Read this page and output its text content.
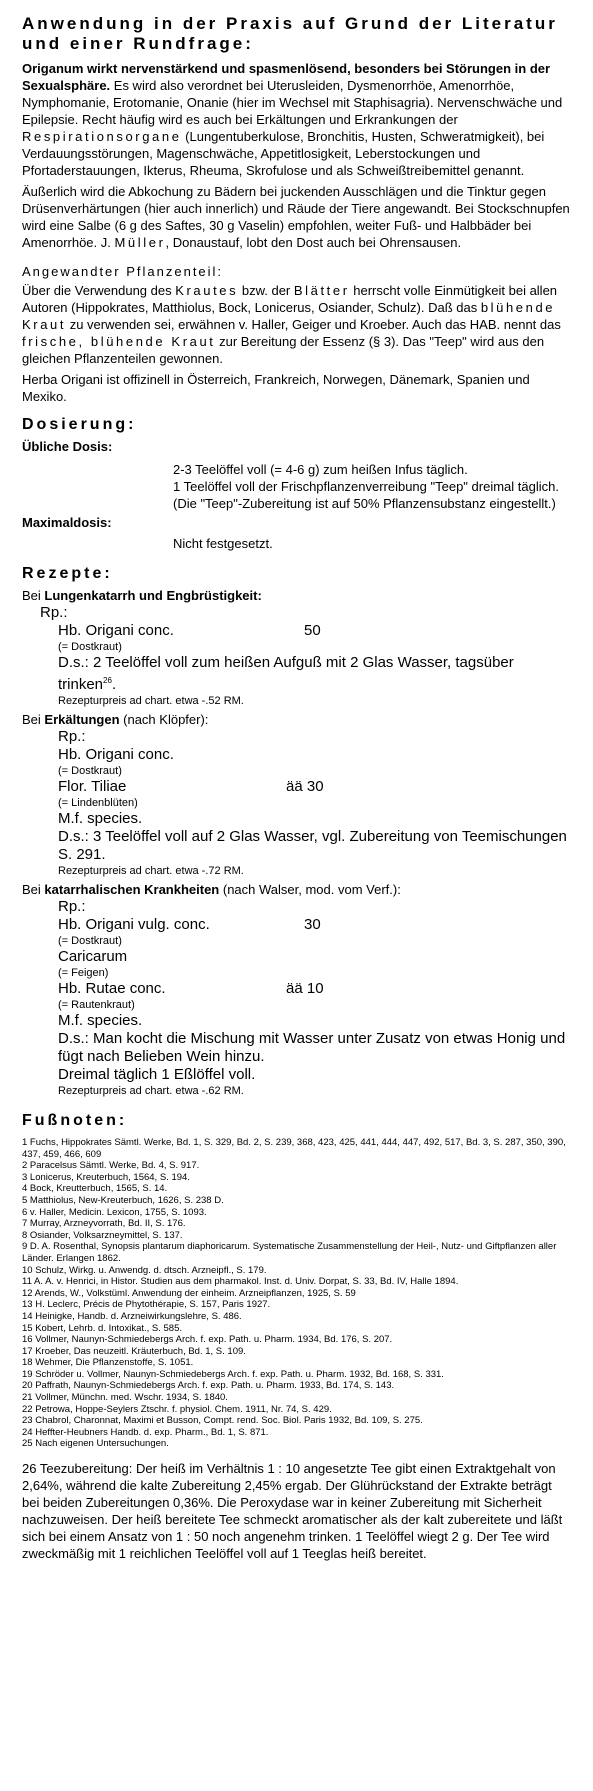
Anwendung in der Praxis auf Grund der Literatur und einer Rundfrage:

Origanum wirkt nervenstärkend und spasmenlösend, besonders bei Störungen in der Sexualsphäre. Es wird also verordnet bei Uterusleiden, Dysmenorrhöe, Amenorrhöe, Nymphomanie, Erotomanie, Onanie (hier im Wechsel mit Staphisagria). Nervenschwäche und Epilepsie. Recht häufig wird es auch bei Erkältungen und Erkrankungen der Respirationsorgane (Lungentuberkulose, Bronchitis, Husten, Schweratmigkeit), bei Verdauungsstörungen, Magenschwäche, Appetitlosigkeit, Leberstockungen und Pfortaderstauungen, Ikterus, Rheuma, Skrofulose und als Schweißtreibemittel genannt.

Äußerlich wird die Abkochung zu Bädern bei juckenden Ausschlägen und die Tinktur gegen Drüsenverhärtungen (hier auch innerlich) und Räude der Tiere angewandt. Bei Stockschnupfen wird eine Salbe (6 g des Saftes, 30 g Vaselin) empfohlen, weiter Fuß- und Halbbäder bei Amenorrhöe. J. Müller, Donaustauf, lobt den Dost auch bei Ohrensausen.

Angewandter Pflanzenteil:

Über die Verwendung des Krautes bzw. der Blätter herrscht volle Einmütigkeit bei allen Autoren (Hippokrates, Matthiolus, Bock, Lonicerus, Osiander, Schulz). Daß das blühende Kraut zu verwenden sei, erwähnen v. Haller, Geiger und Kroeber. Auch das HAB. nennt das frische, blühende Kraut zur Bereitung der Essenz (§ 3). Das "Teep" wird aus den gleichen Pflanzenteilen gewonnen.

Herba Origani ist offizinell in Österreich, Frankreich, Norwegen, Dänemark, Spanien und Mexiko.

Dosierung:
Übliche Dosis:
2-3 Teelöffel voll (= 4-6 g) zum heißen Infus täglich.
1 Teelöffel voll der Frischpflanzenverreibung "Teep" dreimal täglich.
(Die "Teep"-Zubereitung ist auf 50% Pflanzensubstanz eingestellt.)
Maximaldosis:
Nicht festgesetzt.
Rezepte:
Bei Lungenkatarrh und Engbrüstigkeit:
Rp.:
Hb. Origani conc.	50
(= Dostkraut)
D.s.: 2 Teelöffel voll zum heißen Aufguß mit 2 Glas Wasser, tagsüber trinken$^{26}$.
Rezepturpreis ad chart. etwa -.52 RM.
Bei Erkältungen (nach Klöpfer):
Rp.:
Hb. Origani conc.
(= Dostkraut)
Flor. Tiliae	ää 30
(= Lindenblüten)
M.f. species.
D.s.: 3 Teelöffel voll auf 2 Glas Wasser, vgl. Zubereitung von Teemischungen S. 291.
Rezepturpreis ad chart. etwa -.72 RM.
Bei katarrhalischen Krankheiten (nach Walser, mod. vom Verf.):
Rp.:
Hb. Origani vulg. conc.	30
(= Dostkraut)
Caricarum
(= Feigen)
Hb. Rutae conc.	ää 10
(= Rautenkraut)
M.f. species.
D.s.: Man kocht die Mischung mit Wasser unter Zusatz von etwas Honig und fügt nach Belieben Wein hinzu.
Dreimal täglich 1 Eßlöffel voll.
Rezepturpreis ad chart. etwa -.62 RM.
Fußnoten:
1 Fuchs, Hippokrates Sämtl. Werke, Bd. 1, S. 329, Bd. 2, S. 239, 368, 423, 425, 441, 444, 447, 492, 517, Bd. 3, S. 287, 350, 390, 437, 459, 466, 609
2 Paracelsus Sämtl. Werke, Bd. 4, S. 917.
3 Lonicerus, Kreuterbuch, 1564, S. 194.
4 Bock, Kreutterbuch, 1565, S. 14.
5 Matthiolus, New-Kreuterbuch, 1626, S. 238 D.
6 v. Haller, Medicin. Lexicon, 1755, S. 1093.
7 Murray, Arzneyvorrath, Bd. II, S. 176.
8 Osiander, Volksarzneymittel, S. 137.
9 D. A. Rosenthal, Synopsis plantarum diaphoricarum. Systematische Zusammenstellung der Heil-, Nutz- und Giftpflanzen aller Länder. Erlangen 1862.
10 Schulz, Wirkg. u. Anwendg. d. dtsch. Arzneipfl., S. 179.
11 A. A. v. Henrici, in Histor. Studien aus dem pharmakol. Inst. d. Univ. Dorpat, S. 33, Bd. IV, Halle 1894.
12 Arends, W., Volkstüml. Anwendung der einheim. Arzneipflanzen, 1925, S. 59
13 H. Leclerc, Précis de Phytothérapie, S. 157, Paris 1927.
14 Heinigke, Handb. d. Arzneiwirkungslehre, S. 486.
15 Kobert, Lehrb. d. Intoxikat., S. 585.
16 Vollmer, Naunyn-Schmiedebergs Arch. f. exp. Path. u. Pharm. 1934, Bd. 176, S. 207.
17 Kroeber, Das neuzeitl. Kräuterbuch, Bd. 1, S. 109.
18 Wehmer, Die Pflanzenstoffe, S. 1051.
19 Schröder u. Vollmer, Naunyn-Schmiedebergs Arch. f. exp. Path. u. Pharm. 1932, Bd. 168, S. 331.
20 Paffrath, Naunyn-Schmiedebergs Arch. f. exp. Path. u. Pharm. 1933, Bd. 174, S. 143.
21 Vollmer, Münchn. med. Wschr. 1934, S. 1840.
22 Petrowa, Hoppe-Seylers Ztschr. f. physiol. Chem. 1911, Nr. 74, S. 429.
23 Chabrol, Charonnat, Maximi et Busson, Compt. rend. Soc. Biol. Paris 1932, Bd. 109, S. 275.
24 Heffter-Heubners Handb. d. exp. Pharm., Bd. 1, S. 871.
25 Nach eigenen Untersuchungen.

26 Teezubereitung: Der heiß im Verhältnis 1 : 10 angesetzte Tee gibt einen Extraktgehalt von 2,64%, während die kalte Zubereitung 2,45% ergab. Der Glührückstand der Extrakte beträgt bei beiden Zubereitungen 0,36%. Die Peroxydase war in keiner Zubereitung mit Sicherheit nachzuweisen. Der heiß bereitete Tee schmeckt aromatischer als der kalt zubereitete und läßt sich bei einem Ansatz von 1 : 50 noch angenehm trinken. 1 Teelöffel wiegt 2 g. Der Tee wird zweckmäßig mit 1 reichlichen Teelöffel voll auf 1 Teeglas heiß bereitet.
